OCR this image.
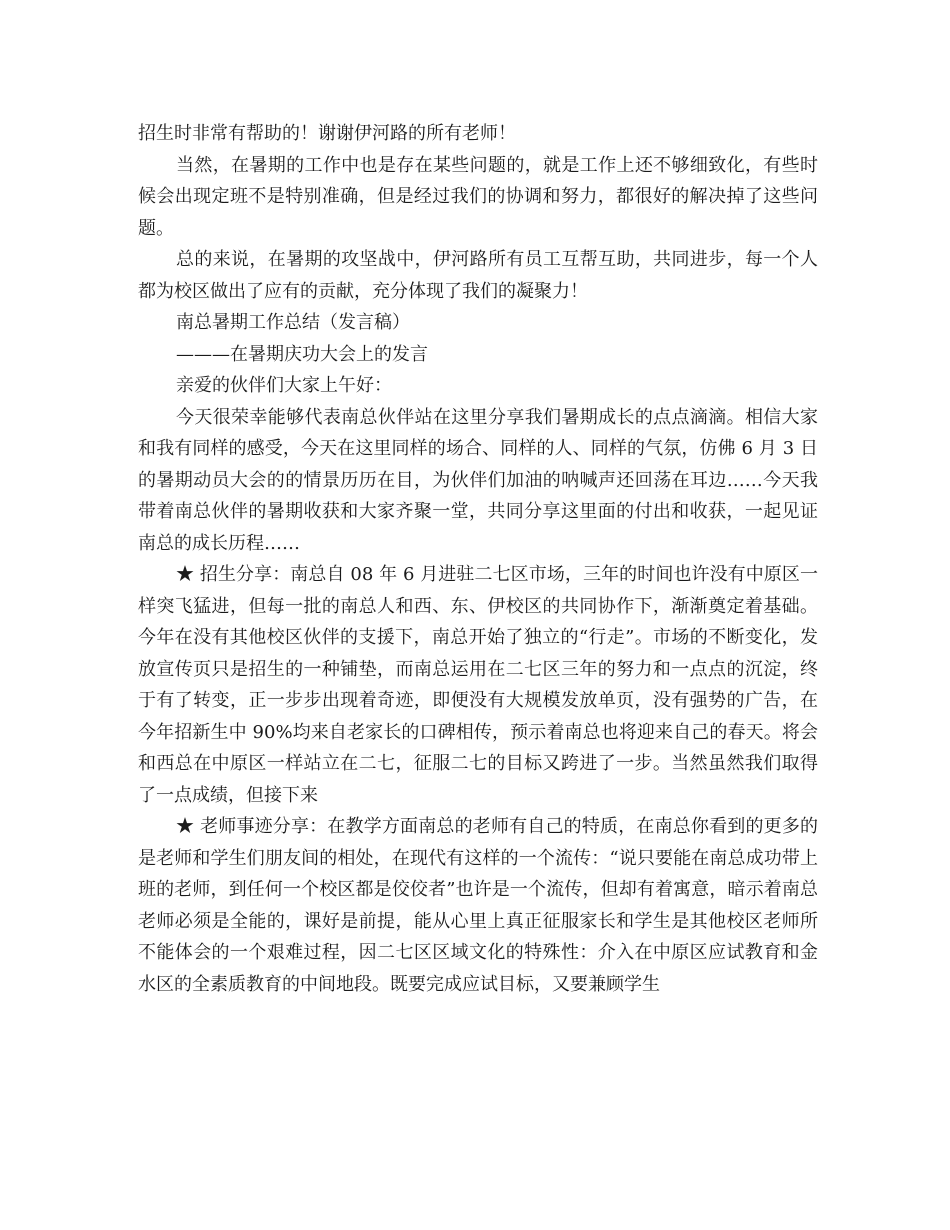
招生时非常有帮助的！谢谢伊河路的所有老师！

当然，在暑期的工作中也是存在某些问题的，就是工作上还不够细致化，有些时候会出现定班不是特别准确，但是经过我们的协调和努力，都很好的解决掉了这些问题。

总的来说，在暑期的攻坚战中，伊河路所有员工互帮互助，共同进步，每一个人都为校区做出了应有的贡献，充分体现了我们的凝聚力！

南总暑期工作总结（发言稿）

———在暑期庆功大会上的发言

亲爱的伙伴们大家上午好：

今天很荣幸能够代表南总伙伴站在这里分享我们暑期成长的点点滴滴。相信大家和我有同样的感受，今天在这里同样的场合、同样的人、同样的气氛，仿佛 6 月 3 日的暑期动员大会的的情景历历在目，为伙伴们加油的呐喊声还回荡在耳边……今天我带着南总伙伴的暑期收获和大家齐聚一堂，共同分享这里面的付出和收获，一起见证南总的成长历程……

★ 招生分享：南总自 08 年 6 月进驻二七区市场，三年的时间也许没有中原区一样突飞猛进，但每一批的南总人和西、东、伊校区的共同协作下，渐渐奠定着基础。今年在没有其他校区伙伴的支援下，南总开始了独立的“行走”。市场的不断变化，发放宣传页只是招生的一种铺垫，而南总运用在二七区三年的努力和一点点的沉淀，终于有了转变，正一步步出现着奇迹，即便没有大规模发放单页，没有强势的广告，在今年招新生中 90%均来自老家长的口碑相传，预示着南总也将迎来自己的春天。将会和西总在中原区一样站立在二七，征服二七的目标又跨进了一步。当然虽然我们取得了一点成绩，但接下来

★ 老师事迹分享：在教学方面南总的老师有自己的特质，在南总你看到的更多的是老师和学生们朋友间的相处，在现代有这样的一个流传：“说只要能在南总成功带上班的老师，到任何一个校区都是佼佼者”也许是一个流传，但却有着寓意，暗示着南总老师必须是全能的，课好是前提，能从心里上真正征服家长和学生是其他校区老师所不能体会的一个艰难过程，因二七区区域文化的特殊性：介入在中原区应试教育和金水区的全素质教育的中间地段。既要完成应试目标，又要兼顾学生
